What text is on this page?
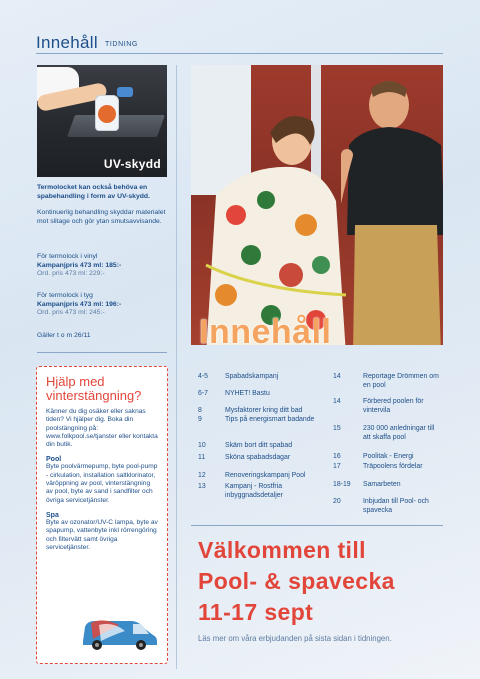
Innehåll TIDNING
UV-skydd
Termolocket kan också behöva en spabehandling i form av UV-skydd.
Kontinuerlig behandling skyddar materialet mot slitage och gör ytan smutsavvisande.
För termolock i vinyl
Kampanjpris 473 ml: 185:-
Ord. pris 473 ml: 229:-
För termolock i tyg
Kampanjpris 473 ml: 196:-
Ord. pris 473 ml: 245:-
Gäller t o m 26/11
Hjälp med vinterstängning?
Känner du dig osäker eller saknas tiden? Vi hjälper dig. Boka din poolstängning på: www.folkpool.se/tjanster eller kontakta din butik.
Pool
Byte poolvärmepump, byte pool-pump - cirkulation, installation saltklorinator, väröppning av pool, vinterstängning av pool, byte av sand i sandfilter och övriga servicetjänster.
Spa
Byte av ozonator/UV-C lampa, byte av spapump, vattenbyte inkl rörrengöring och filtervätt samt övriga servicetjänster.
Innehåll
4-5 Spabadskampanj
6-7 NYHET! Bastu
8	Mysfaktorer kring ditt bad
9	Tips på energismart badande
10	Skäm bort ditt spabad
11	Sköna spabadsdagar
12	Renoveringskampanj Pool
13	Kampanj - Rostfria inbyggnadsdetaljer
14	Reportage Drömmen om en pool
14	Förbered poolen för vintervila
15	230 000 anledningar till att skaffa pool
16	Poolitak - Energi
17	Träpoolens fördelar
18-19 Samarbeten
20	Inbjudan till Pool- och spavecka
Välkommen till
Pool- & spavecka
11-17 sept
Läs mer om våra erbjudanden på sista sidan i tidningen.
